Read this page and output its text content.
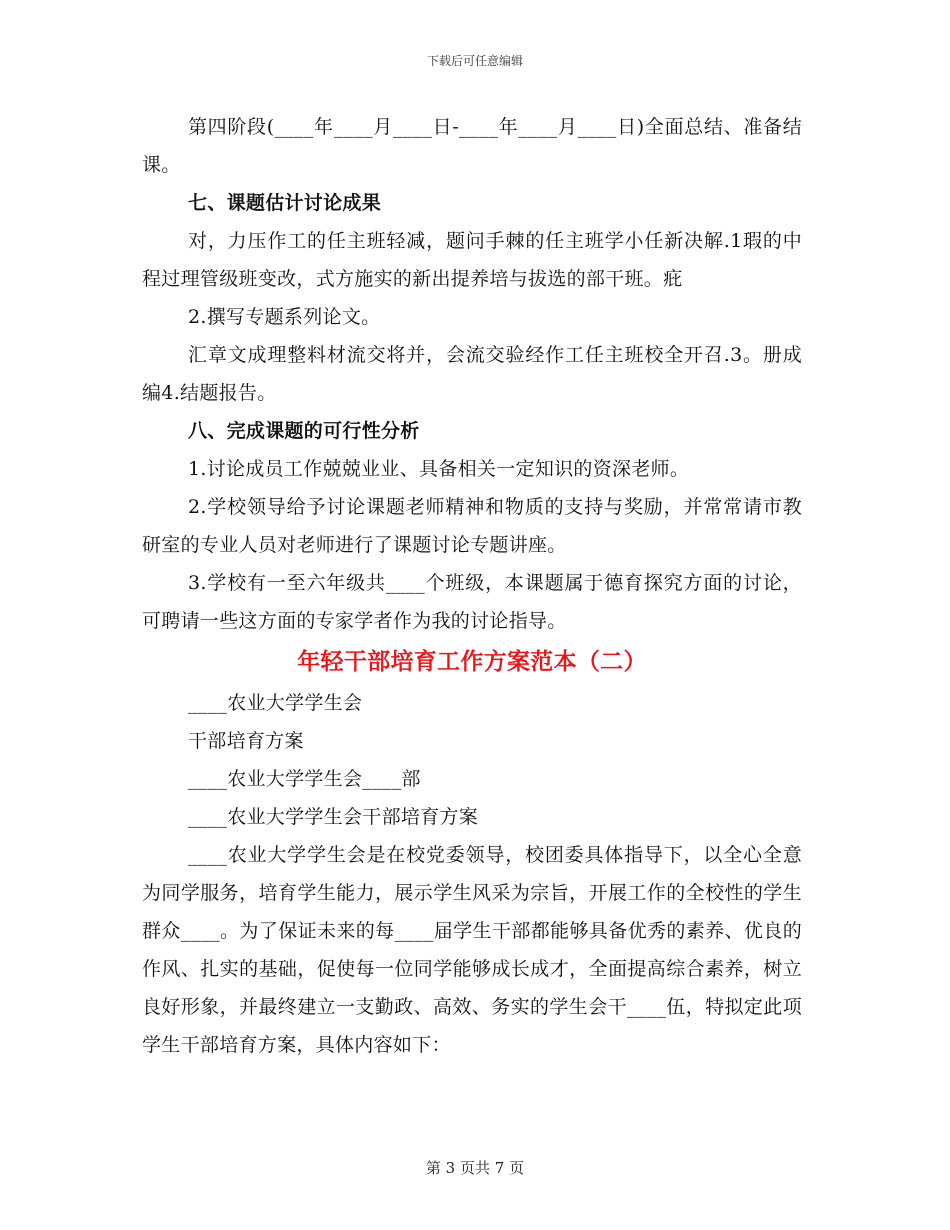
下载后可任意编辑

第四阶段(____年____月____日-____年____月____日)全面总结、准备结课。

七、课题估计讨论成果

对，力压作工的任主班轻减，题问手棘的任主班学小任新决解.1瑕的中程过理管级班变改，式方施实的新出提养培与拔选的部干班。疪

2.撰写专题系列论文。

汇章文成理整料材流交将并，会流交验经作工任主班校全开召.3。册成编4.结题报告。

八、完成课题的可行性分析

1.讨论成员工作兢兢业业、具备相关一定知识的资深老师。

2.学校领导给予讨论课题老师精神和物质的支持与奖励，并常常请市教研室的专业人员对老师进行了课题讨论专题讲座。

3.学校有一至六年级共____个班级，本课题属于德育探究方面的讨论，可聘请一些这方面的专家学者作为我的讨论指导。

年轻干部培育工作方案范本（二）

____农业大学学生会

干部培育方案

____农业大学学生会____部

____农业大学学生会干部培育方案

____农业大学学生会是在校党委领导，校团委具体指导下，以全心全意为同学服务，培育学生能力，展示学生风采为宗旨，开展工作的全校性的学生群众____。为了保证未来的每____届学生干部都能够具备优秀的素养、优良的作风、扎实的基础，促使每一位同学能够成长成才，全面提高综合素养，树立良好形象，并最终建立一支勤政、高效、务实的学生会干____伍，特拟定此项学生干部培育方案，具体内容如下：

第 3 页共 7 页
